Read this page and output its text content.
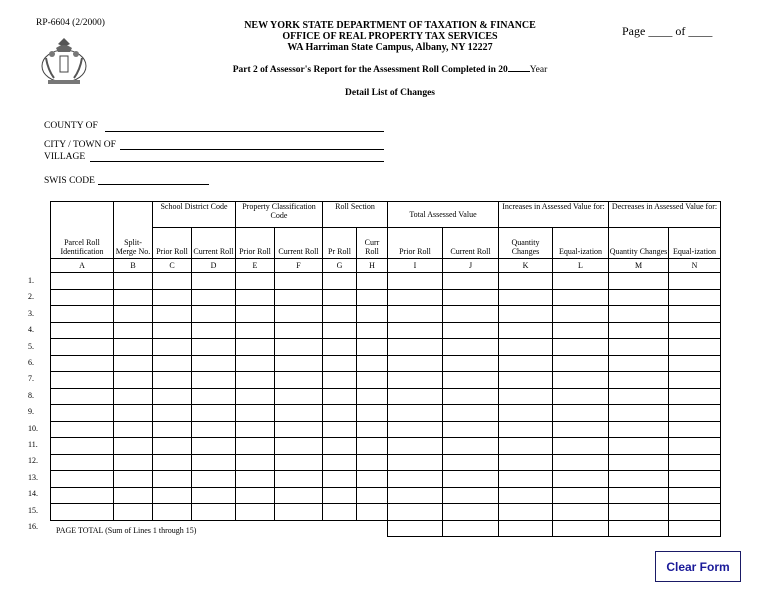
RP-6604 (2/2000)	NEW YORK STATE DEPARTMENT OF TAXATION & FINANCE
OFFICE OF REAL PROPERTY TAX SERVICES
WA Harriman State Campus, Albany, NY 12227
Page ____ of ____
Part 2 of Assessor's Report for the Assessment Roll Completed in 20 Year
Detail List of Changes
COUNTY OF
CITY / TOWN OF
VILLAGE
SWIS CODE
Parcel Roll Identification	Split-Merge No.	School District Code		Property Classification Code		Roll Section		Total Assessed Value		Increases in Assessed Value for:		Decreases in Assessed Value for:	
		Prior Roll	Current Roll	Prior Roll	Current Roll	Pr Roll	Curr Roll	Prior Roll	Current Roll	Quantity Changes	Equal-ization	Quantity Changes	Equal-ization
A	B	C	D	E	F	G	H	I	J	K	L	M	N

1.
2.
3.
4.
5.
6.
7.
8.
9.
10.
11.
12.
13.
14.
15.
16. PAGE TOTAL (Sum of Lines 1 through 15)
Clear Form
